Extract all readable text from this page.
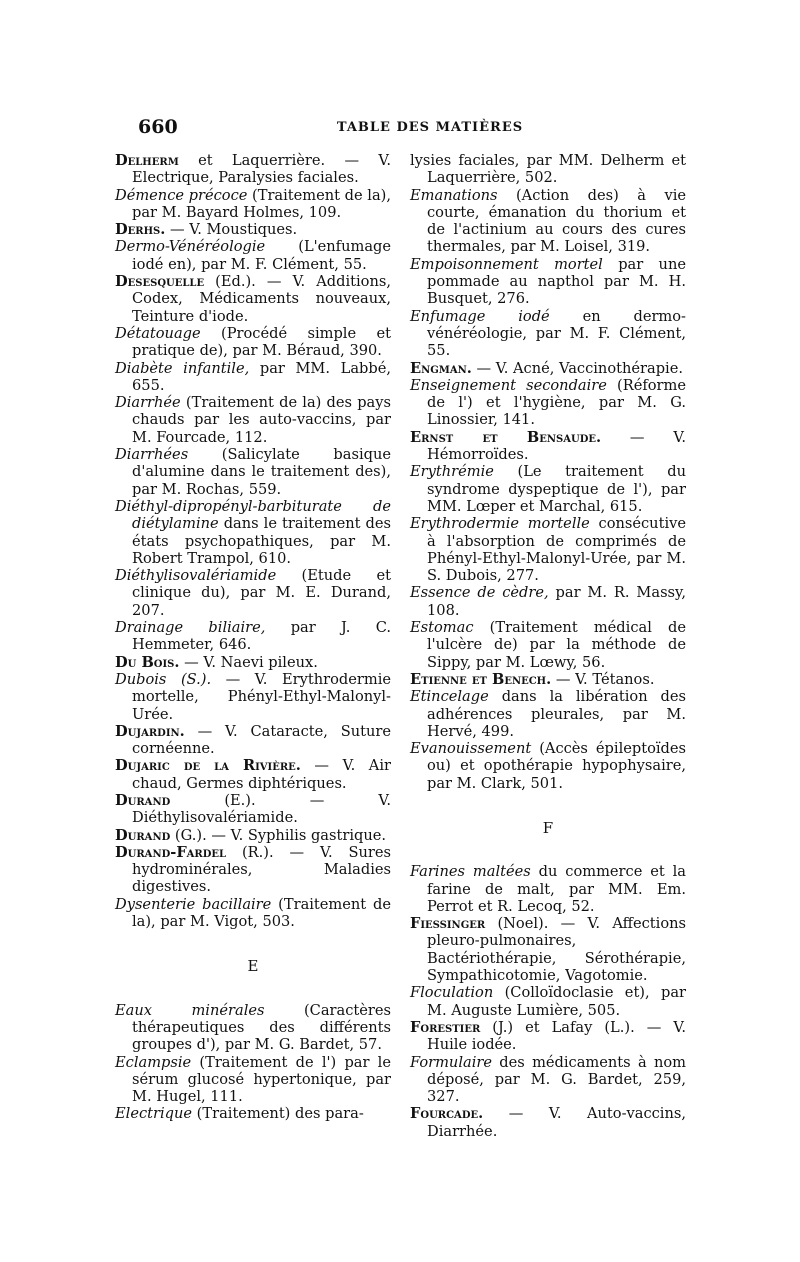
660	TABLE DES MATIÈRES

Delherm et Laquerrière. — V. Electrique, Paralysies faciales.

Démence précoce (Traitement de la), par M. Bayard Holmes, 109.

Derhs. — V. Moustiques.

Dermo-Vénéréologie (L'enfumage iodé en), par M. F. Clément, 55.

Desesquelle (Ed.). — V. Additions, Codex, Médicaments nouveaux, Teinture d'iode.

Détatouage (Procédé simple et pratique de), par M. Béraud, 390.

Diabète infantile, par MM. Labbé, 655.

Diarrhée (Traitement de la) des pays chauds par les auto-vaccins, par M. Fourcade, 112.

Diarrhées (Salicylate basique d'alumine dans le traitement des), par M. Rochas, 559.

Diéthyl-dipropényl-barbiturate de diétylamine dans le traitement des états psychopathiques, par M. Robert Trampol, 610.

Diéthylisovalériamide (Etude et clinique du), par M. E. Durand, 207.

Drainage biliaire, par J. C. Hemmeter, 646.

Du Bois. — V. Naevi pileux.

Dubois (S.). — V. Erythrodermie mortelle, Phényl-Ethyl-Malonyl-Urée.

Dujardin. — V. Cataracte, Suture cornéenne.

Dujaric de la Rivière. — V. Air chaud, Germes diphtériques.

Durand (E.). — V. Diéthylisovalériamide.

Durand (G.). — V. Syphilis gastrique.

Durand-Fardel (R.). — V. Sures hydrominérales, Maladies digestives.

Dysenterie bacillaire (Traitement de la), par M. Vigot, 503.

E

Eaux minérales (Caractères thérapeutiques des différents groupes d'), par M. G. Bardet, 57.

Eclampsie (Traitement de l') par le sérum glucosé hypertonique, par M. Hugel, 111.

Electrique (Traitement) des para-

lysies faciales, par MM. Delherm et Laquerrière, 502.

Emanations (Action des) à vie courte, émanation du thorium et de l'actinium au cours des cures thermales, par M. Loisel, 319.

Empoisonnement mortel par une pommade au napthol par M. H. Busquet, 276.

Enfumage iodé en dermo-vénéréologie, par M. F. Clément, 55.

Engman. — V. Acné, Vaccinothérapie.

Enseignement secondaire (Réforme de l') et l'hygiène, par M. G. Linossier, 141.

Ernst et Bensaude. — V. Hémorroïdes.

Erythrémie (Le traitement du syndrome dyspeptique de l'), par MM. Lœper et Marchal, 615.

Erythrodermie mortelle consécutive à l'absorption de comprimés de Phényl-Ethyl-Malonyl-Urée, par M. S. Dubois, 277.

Essence de cèdre, par M. R. Massy, 108.

Estomac (Traitement médical de l'ulcère de) par la méthode de Sippy, par M. Lœwy, 56.

Etienne et Benech. — V. Tétanos.

Etincelage dans la libération des adhérences pleurales, par M. Hervé, 499.

Evanouissement (Accès épileptoïdes ou) et opothérapie hypophysaire, par M. Clark, 501.

F

Farines maltées du commerce et la farine de malt, par MM. Em. Perrot et R. Lecoq, 52.

Fiessinger (Noel). — V. Affections pleuro-pulmonaires, Bactériothérapie, Sérothérapie, Sympathicotomie, Vagotomie.

Floculation (Colloïdoclasie et), par M. Auguste Lumière, 505.

Forestier (J.) et Lafay (L.). — V. Huile iodée.

Formulaire des médicaments à nom déposé, par M. G. Bardet, 259, 327.

Fourcade. — V. Auto-vaccins, Diarrhée.
